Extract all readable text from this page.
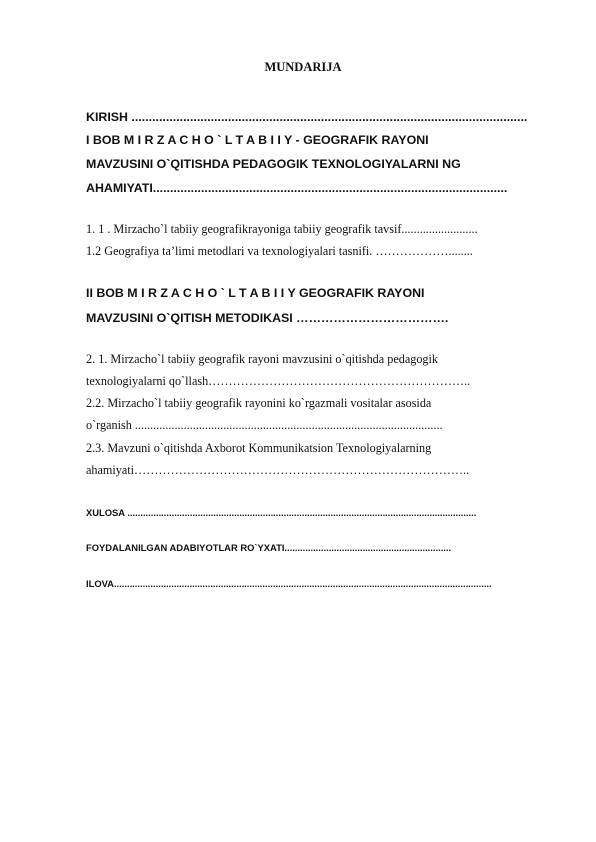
MUNDARIJA
KIRISH ...................................................................................................................
I BOB M I R Z A C H O ` L T A B I I Y - GEOGRAFIK RAYONI
MAVZUSINI O`QITISHDA PEDAGOGIK TEXNOLOGIYALARNI NG
AHAMIYATI.......................................................................................................
1. 1 . Mirzacho`l tabiiy geografikrayoniga tabiiy geografik tavsif.........................
1.2 Geografiya ta’limi metodlari va texnologiyalari tasnifi. ………………........
II BOB M I R Z A C H O ` L T A B I I Y GEOGRAFIK RAYONI
MAVZUSINI O`QITISH METODIKASI ……………………………….
2. 1. Mirzacho`l tabiiy geografik rayoni mavzusini o`qitishda pedagogik
texnologiyalarni qo`llash………………………………………………………..
2.2. Mirzacho`l tabiiy geografik rayonini ko`rgazmali vositalar asosida
o`rganish .....................................................................................................
2.3. Mavzuni o`qitishda Axborot Kommunikatsion Texnologiyalarning
ahamiyati………………………………………………………………………..
XULOSA ......................................................................................................................................
FOYDALANILGAN ADABIYOTLAR RO`YXATI................................................................
ILOVA.................................................................................................................................................
